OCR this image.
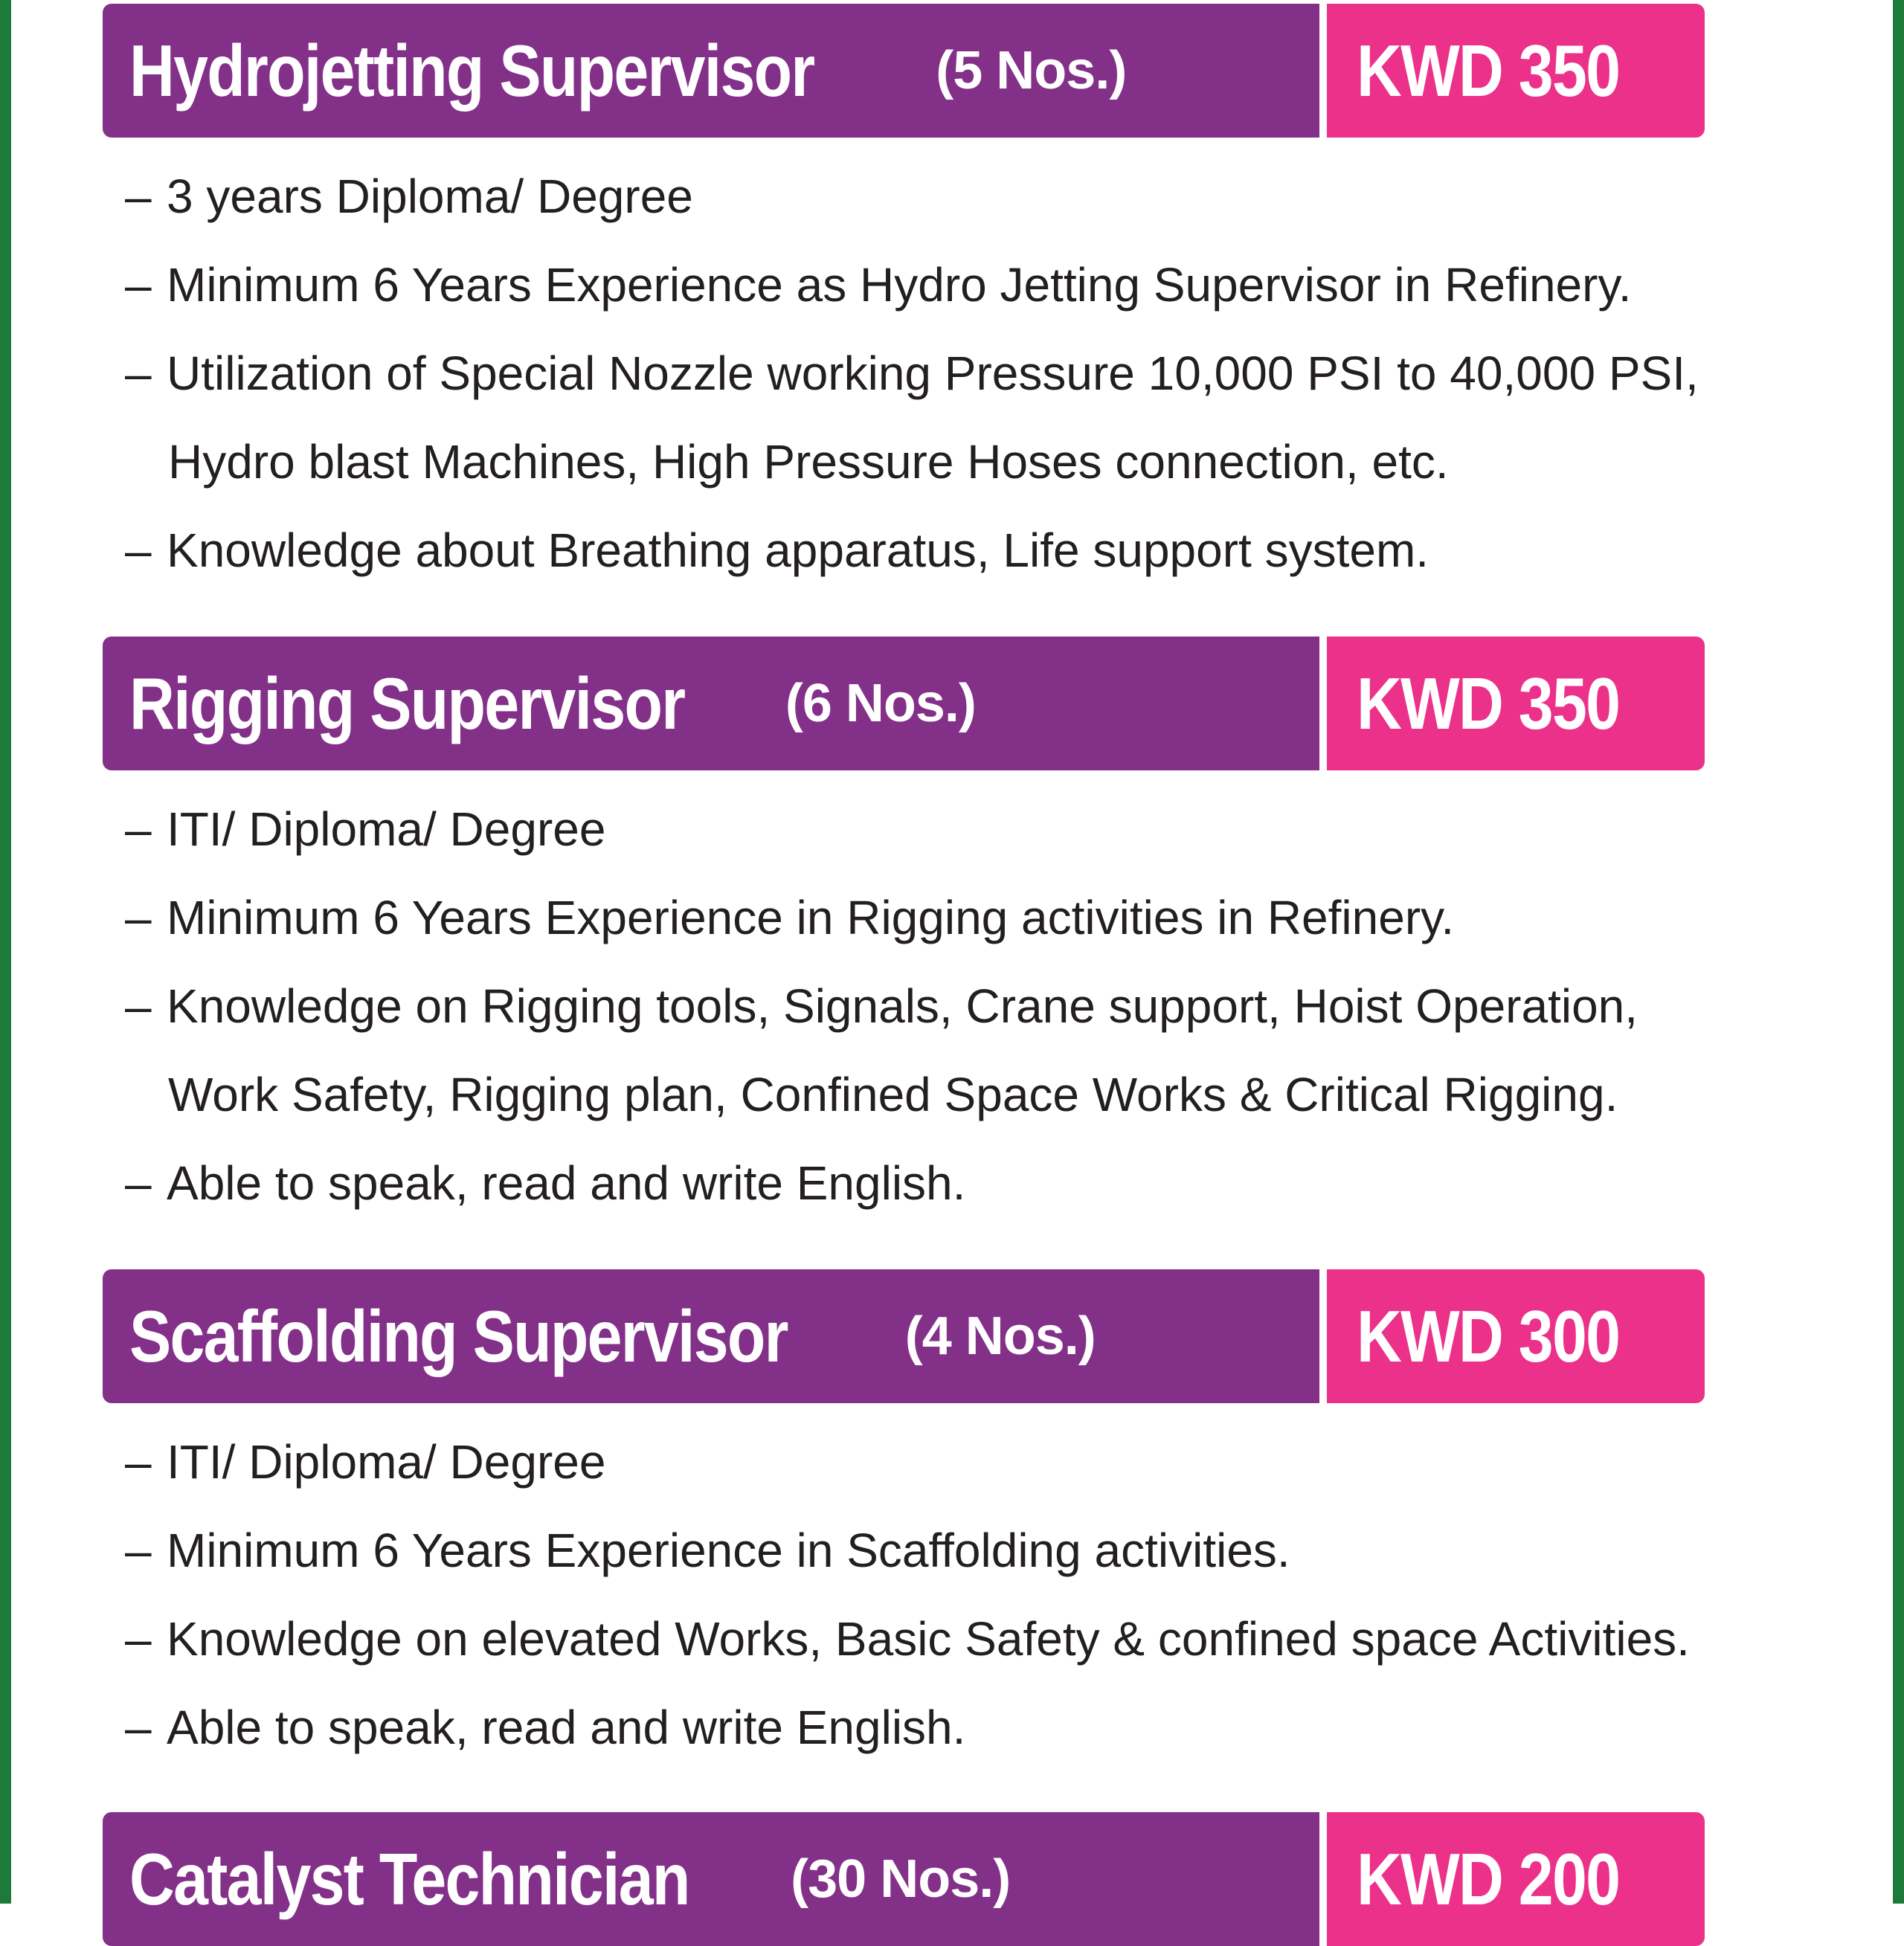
Hydrojetting Supervisor (5 Nos.)	KWD 350
– 3 years Diploma/ Degree
– Minimum 6 Years Experience as Hydro Jetting Supervisor in Refinery.
– Utilization of Special Nozzle working Pressure 10,000 PSI to 40,000 PSI,
Hydro blast Machines, High Pressure Hoses connection, etc.
– Knowledge about Breathing apparatus, Life support system.
Rigging Supervisor (6 Nos.)	KWD 350
– ITI/ Diploma/ Degree
– Minimum 6 Years Experience in Rigging activities in Refinery.
– Knowledge on Rigging tools, Signals, Crane support, Hoist Operation,
Work Safety, Rigging plan, Confined Space Works & Critical Rigging.
– Able to speak, read and write English.
Scaffolding Supervisor (4 Nos.)	KWD 300
– ITI/ Diploma/ Degree
– Minimum 6 Years Experience in Scaffolding activities.
– Knowledge on elevated Works, Basic Safety & confined space Activities.
– Able to speak, read and write English.
Catalyst Technician (30 Nos.)	KWD 200
